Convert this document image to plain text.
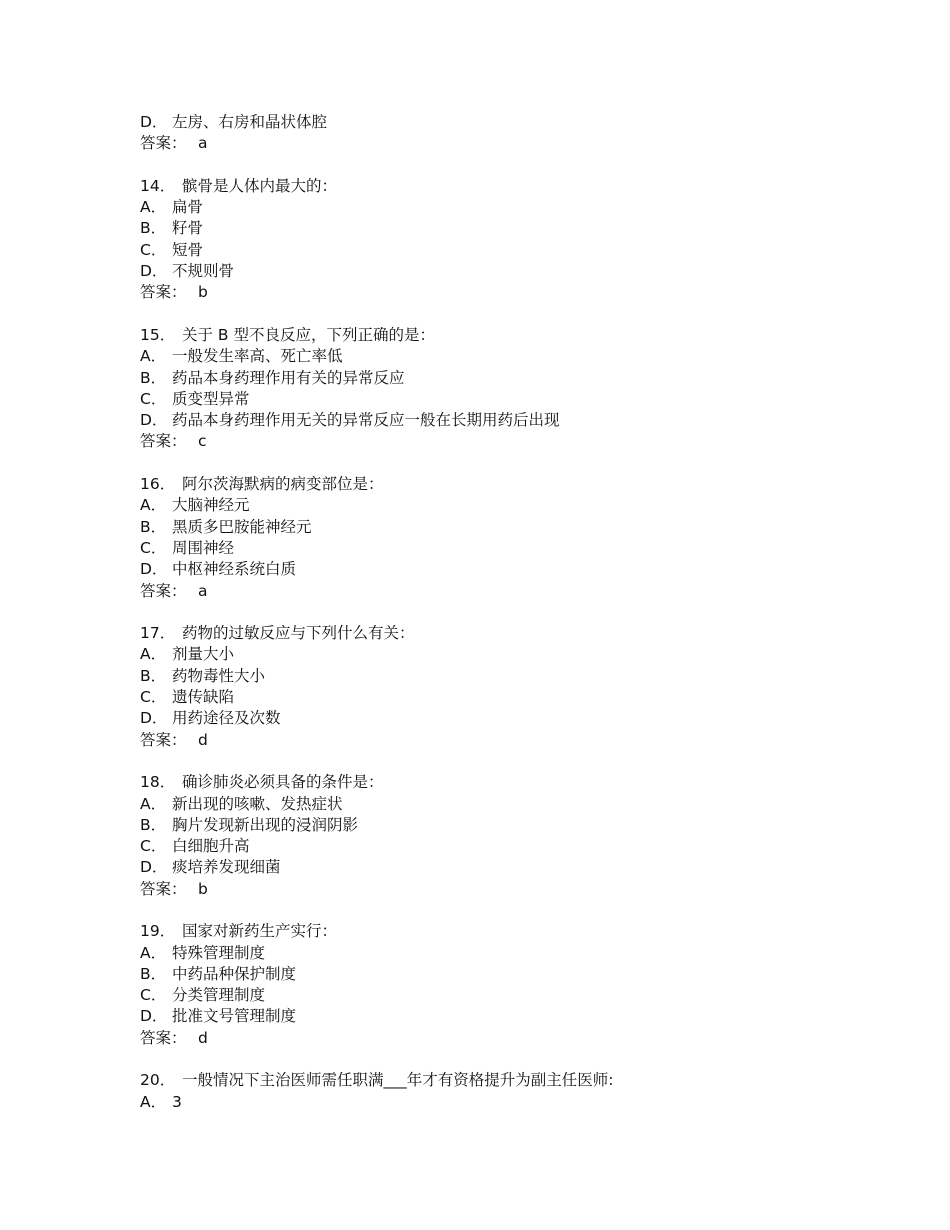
D． 左房、右房和晶状体腔
答案： a
14． 髌骨是人体内最大的：
A． 扁骨
B． 籽骨
C． 短骨
D． 不规则骨
答案： b
15． 关于 B 型不良反应，下列正确的是：
A． 一般发生率高、死亡率低
B． 药品本身药理作用有关的异常反应
C． 质变型异常
D． 药品本身药理作用无关的异常反应一般在长期用药后出现
答案： c
16． 阿尔茨海默病的病变部位是：
A． 大脑神经元
B． 黑质多巴胺能神经元
C． 周围神经
D． 中枢神经系统白质
答案： a
17． 药物的过敏反应与下列什么有关：
A． 剂量大小
B． 药物毒性大小
C． 遗传缺陷
D． 用药途径及次数
答案： d
18． 确诊肺炎必须具备的条件是：
A． 新出现的咳嗽、发热症状
B． 胸片发现新出现的浸润阴影
C． 白细胞升高
D． 痰培养发现细菌
答案： b
19． 国家对新药生产实行：
A． 特殊管理制度
B． 中药品种保护制度
C． 分类管理制度
D． 批准文号管理制度
答案： d
20． 一般情况下主治医师需任职满___年才有资格提升为副主任医师:
A． 3
